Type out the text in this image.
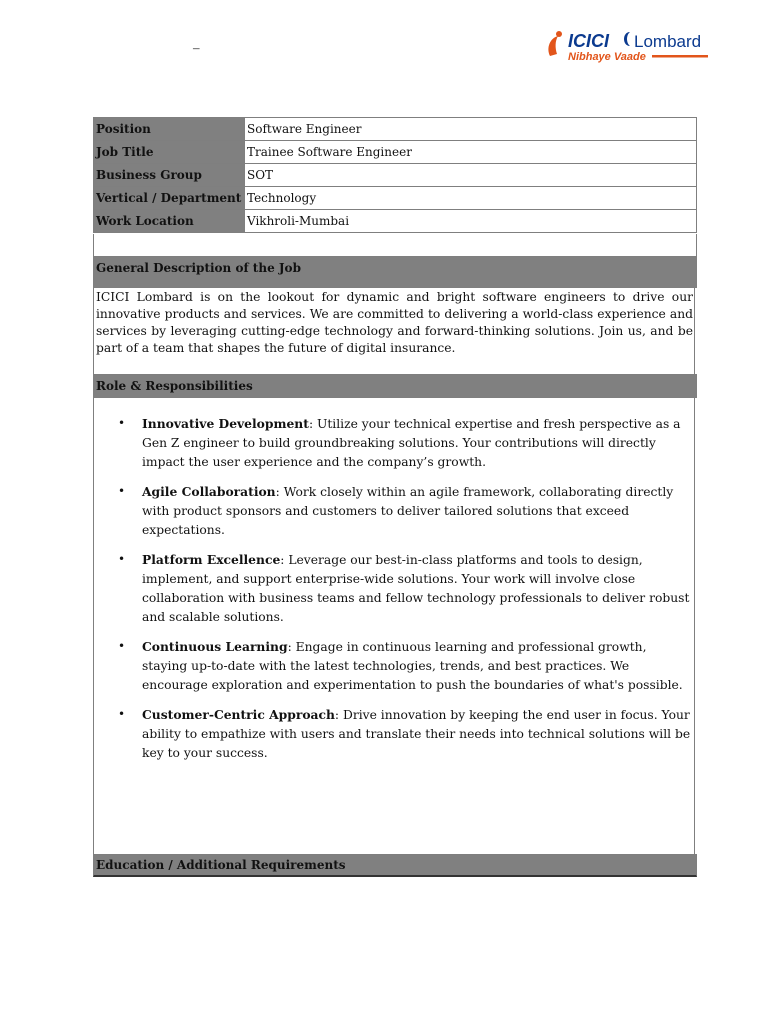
–	ICICI Lombard
Nibhaye Vaade
Position	Software Engineer
Job Title	Trainee Software Engineer
Business Group	SOT
Vertical / Department	Technology
Work Location	Vikhroli-Mumbai
General Description of the Job
ICICI Lombard is on the lookout for dynamic and bright software engineers to drive our innovative products and services. We are committed to delivering a world-class experience and services by leveraging cutting-edge technology and forward-thinking solutions. Join us, and be part of a team that shapes the future of digital insurance.
Role & Responsibilities
• Innovative Development: Utilize your technical expertise and fresh perspective as a Gen Z engineer to build groundbreaking solutions. Your contributions will directly impact the user experience and the company’s growth.
• Agile Collaboration: Work closely within an agile framework, collaborating directly with product sponsors and customers to deliver tailored solutions that exceed expectations.
• Platform Excellence: Leverage our best-in-class platforms and tools to design, implement, and support enterprise-wide solutions. Your work will involve close collaboration with business teams and fellow technology professionals to deliver robust and scalable solutions.
• Continuous Learning: Engage in continuous learning and professional growth, staying up-to-date with the latest technologies, trends, and best practices. We encourage exploration and experimentation to push the boundaries of what's possible.
• Customer-Centric Approach: Drive innovation by keeping the end user in focus. Your ability to empathize with users and translate their needs into technical solutions will be key to your success.
Education / Additional Requirements
